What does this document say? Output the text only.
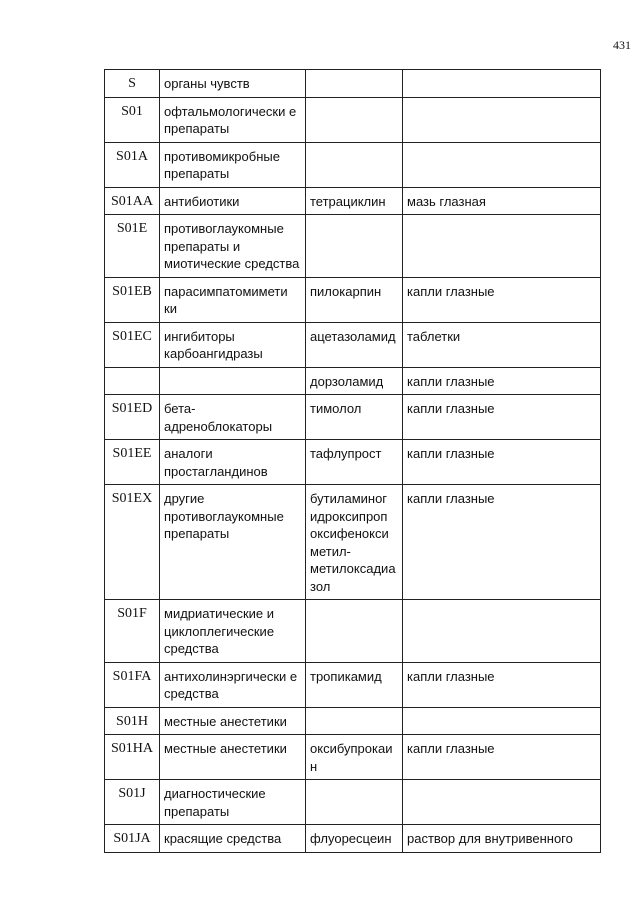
431
S	органы чувств		
S01	офтальмологически е препараты		
S01A	противомикробные препараты		
S01AA	антибиотики	тетрациклин	мазь глазная
S01E	противоглаукомные препараты и миотические средства		
S01EB	парасимпатомимети ки	пилокарпин	капли глазные
S01EC	ингибиторы карбоангидразы	ацетазоламид	таблетки
		дорзоламид	капли глазные
S01ED	бета-адреноблокаторы	тимолол	капли глазные
S01EE	аналоги простагландинов	тафлупрост	капли глазные
S01EX	другие противоглаукомные препараты	бутиламиног идроксипроп оксифенокси метил-метилоксадиа зол	капли глазные
S01F	мидриатические и циклоплегические средства		
S01FA	антихолинэргически е средства	тропикамид	капли глазные
S01H	местные анестетики		
S01HA	местные анестетики	оксибупрокаи н	капли глазные
S01J	диагностические препараты		
S01JA	красящие средства	флуоресцеин	раствор для внутривенного
